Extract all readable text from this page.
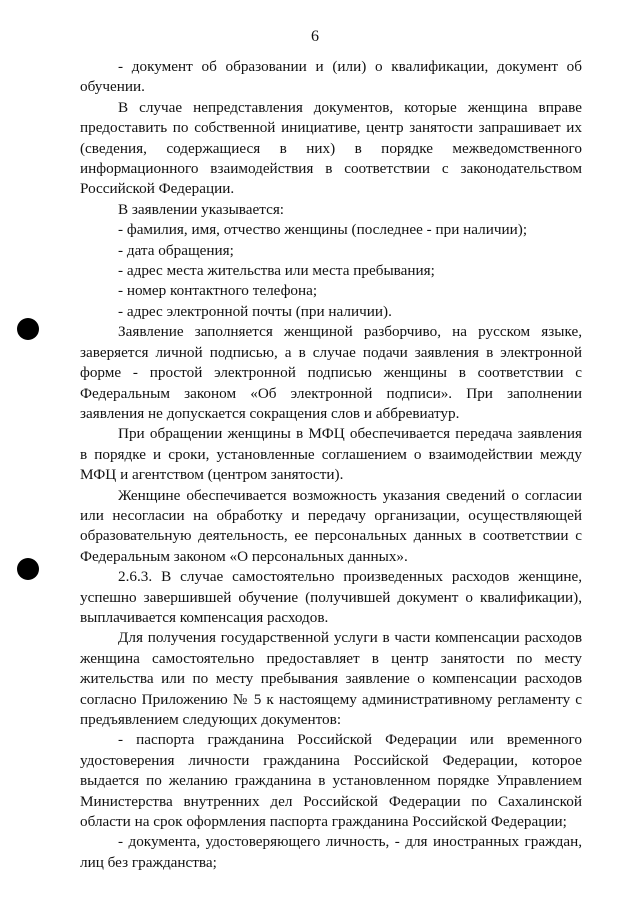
6

- документ об образовании и (или) о квалификации, документ об обучении.

В случае непредставления документов, которые женщина вправе предоставить по собственной инициативе, центр занятости запрашивает их (сведения, содержащиеся в них) в порядке межведомственного информационного взаимодействия в соответствии с законодательством Российской Федерации.

В заявлении указывается:

- фамилия, имя, отчество женщины (последнее - при наличии);

- дата обращения;

- адрес места жительства или места пребывания;

- номер контактного телефона;

- адрес электронной почты (при наличии).

Заявление заполняется женщиной разборчиво, на русском языке, заверяется личной подписью, а в случае подачи заявления в электронной форме - простой электронной подписью женщины в соответствии с Федеральным законом «Об электронной подписи». При заполнении заявления не допускается сокращения слов и аббревиатур.

При обращении женщины в МФЦ обеспечивается передача заявления в порядке и сроки, установленные соглашением о взаимодействии между МФЦ и агентством (центром занятости).

Женщине обеспечивается возможность указания сведений о согласии или несогласии на обработку и передачу организации, осуществляющей образовательную деятельность, ее персональных данных в соответствии с Федеральным законом «О персональных данных».

2.6.3. В случае самостоятельно произведенных расходов женщине, успешно завершившей обучение (получившей документ о квалификации), выплачивается компенсация расходов.

Для получения государственной услуги в части компенсации расходов женщина самостоятельно предоставляет в центр занятости по месту жительства или по месту пребывания заявление о компенсации расходов согласно Приложению № 5 к настоящему административному регламенту с предъявлением следующих документов:

- паспорта гражданина Российской Федерации или временного удостоверения личности гражданина Российской Федерации, которое выдается по желанию гражданина в установленном порядке Управлением Министерства внутренних дел Российской Федерации по Сахалинской области на срок оформления паспорта гражданина Российской Федерации;

- документа, удостоверяющего личность, - для иностранных граждан, лиц без гражданства;
